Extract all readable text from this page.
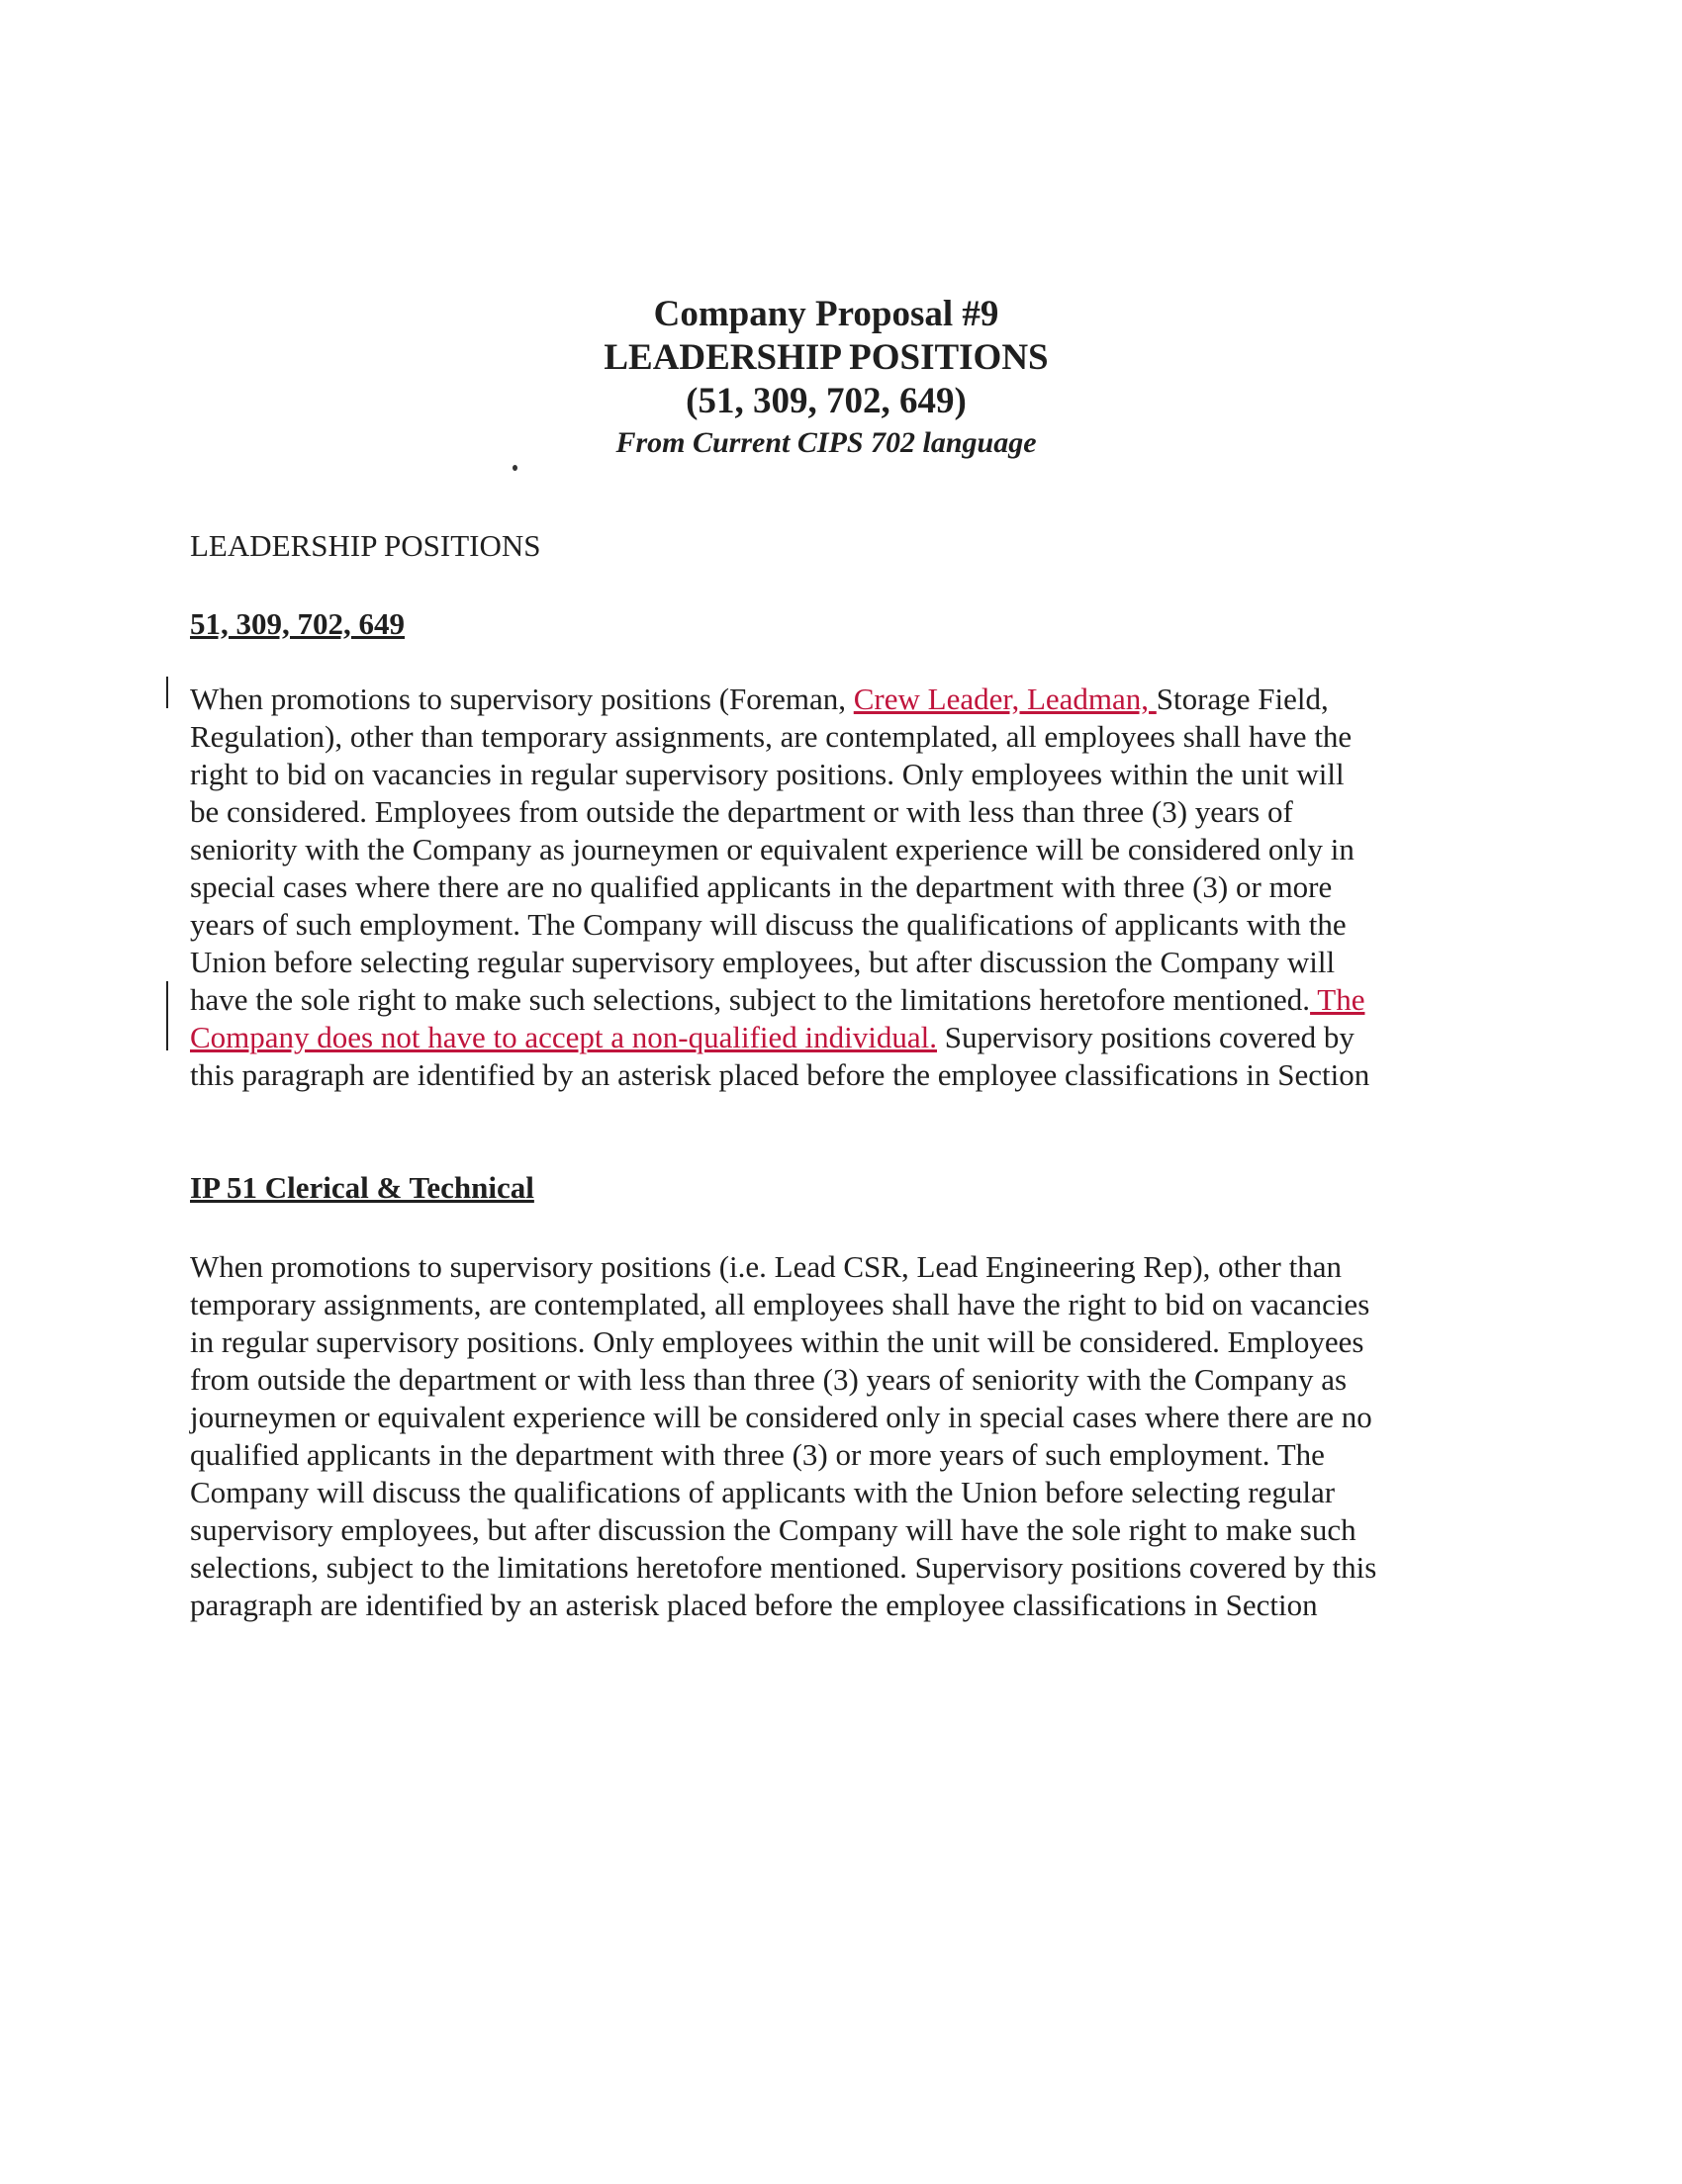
Company Proposal #9
LEADERSHIP POSITIONS
(51, 309, 702, 649)
From Current CIPS 702 language
LEADERSHIP POSITIONS
51, 309, 702, 649
When promotions to supervisory positions (Foreman, Crew Leader, Leadman, Storage Field,
Regulation), other than temporary assignments, are contemplated, all employees shall have the
right to bid on vacancies in regular supervisory positions. Only employees within the unit will
be considered. Employees from outside the department or with less than three (3) years of
seniority with the Company as journeymen or equivalent experience will be considered only in
special cases where there are no qualified applicants in the department with three (3) or more
years of such employment. The Company will discuss the qualifications of applicants with the
Union before selecting regular supervisory employees, but after discussion the Company will
have the sole right to make such selections, subject to the limitations heretofore mentioned. The
Company does not have to accept a non-qualified individual. Supervisory positions covered by
this paragraph are identified by an asterisk placed before the employee classifications in Section
IP 51 Clerical & Technical
When promotions to supervisory positions (i.e. Lead CSR, Lead Engineering Rep), other than
temporary assignments, are contemplated, all employees shall have the right to bid on vacancies
in regular supervisory positions. Only employees within the unit will be considered. Employees
from outside the department or with less than three (3) years of seniority with the Company as
journeymen or equivalent experience will be considered only in special cases where there are no
qualified applicants in the department with three (3) or more years of such employment. The
Company will discuss the qualifications of applicants with the Union before selecting regular
supervisory employees, but after discussion the Company will have the sole right to make such
selections, subject to the limitations heretofore mentioned. Supervisory positions covered by this
paragraph are identified by an asterisk placed before the employee classifications in Section
